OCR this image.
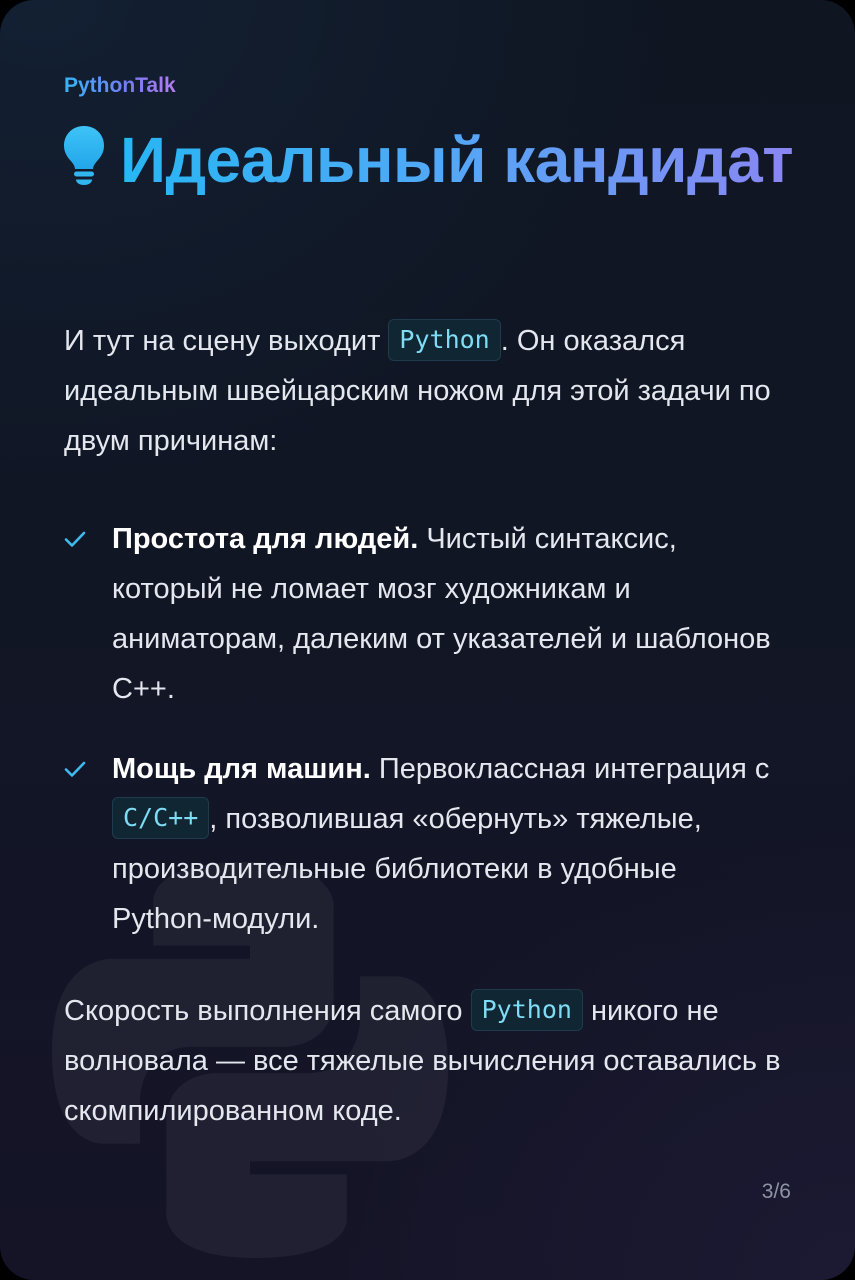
PythonTalk
Идеальный кандидат

И тут на сцену выходит Python . Он оказался идеальным швейцарским ножом для этой задачи по двум причинам:

Простота для людей. Чистый синтаксис, который не ломает мозг художникам и аниматорам, далеким от указателей и шаблонов C++.
Мощь для машин. Первоклассная интеграция с C/C++ , позволившая «обернуть» тяжелые, производительные библиотеки в удобные Python-модули.

Скорость выполнения самого Python никого не волновала — все тяжелые вычисления оставались в скомпилированном коде.

3/6
